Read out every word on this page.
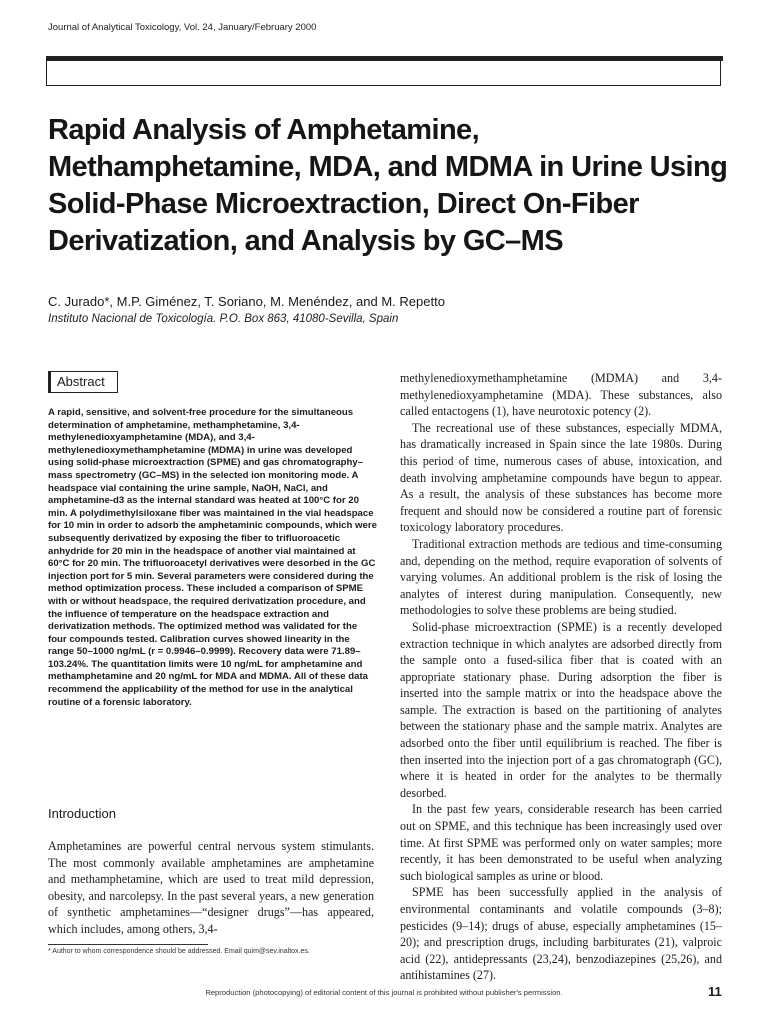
Journal of Analytical Toxicology, Vol. 24, January/February 2000
Rapid Analysis of Amphetamine, Methamphetamine, MDA, and MDMA in Urine Using Solid-Phase Microextraction, Direct On-Fiber Derivatization, and Analysis by GC–MS
C. Jurado*, M.P. Giménez, T. Soriano, M. Menéndez, and M. Repetto
Instituto Nacional de Toxicología. P.O. Box 863, 41080-Sevilla, Spain
Abstract

A rapid, sensitive, and solvent-free procedure for the simultaneous determination of amphetamine, methamphetamine, 3,4-methylenedioxyamphetamine (MDA), and 3,4-methylenedioxymethamphetamine (MDMA) in urine was developed using solid-phase microextraction (SPME) and gas chromatography–mass spectrometry (GC–MS) in the selected ion monitoring mode. A headspace vial containing the urine sample, NaOH, NaCl, and amphetamine-d3 as the internal standard was heated at 100°C for 20 min. A polydimethylsiloxane fiber was maintained in the vial headspace for 10 min in order to adsorb the amphetaminic compounds, which were subsequently derivatized by exposing the fiber to trifluoroacetic anhydride for 20 min in the headspace of another vial maintained at 60°C for 20 min. The trifluoroacetyl derivatives were desorbed in the GC injection port for 5 min. Several parameters were considered during the method optimization process. These included a comparison of SPME with or without headspace, the required derivatization procedure, and the influence of temperature on the headspace extraction and derivatization methods. The optimized method was validated for the four compounds tested. Calibration curves showed linearity in the range 50–1000 ng/mL (r = 0.9946–0.9999). Recovery data were 71.89–103.24%. The quantitation limits were 10 ng/mL for amphetamine and methamphetamine and 20 ng/mL for MDA and MDMA. All of these data recommend the applicability of the method for use in the analytical routine of a forensic laboratory.

Introduction

Amphetamines are powerful central nervous system stimulants. The most commonly available amphetamines are amphetamine and methamphetamine, which are used to treat mild depression, obesity, and narcolepsy. In the past several years, a new generation of synthetic amphetamines—“designer drugs”—has appeared, which includes, among others, 3,4-

* Author to whom correspondence should be addressed. Email quim@sev.inaltox.es.

methylenedioxymethamphetamine (MDMA) and 3,4-methylenedioxyamphetamine (MDA). These substances, also called entactogens (1), have neurotoxic potency (2).

The recreational use of these substances, especially MDMA, has dramatically increased in Spain since the late 1980s. During this period of time, numerous cases of abuse, intoxication, and death involving amphetamine compounds have begun to appear. As a result, the analysis of these substances has become more frequent and should now be considered a routine part of forensic toxicology laboratory procedures.

Traditional extraction methods are tedious and time-consuming and, depending on the method, require evaporation of solvents of varying volumes. An additional problem is the risk of losing the analytes of interest during manipulation. Consequently, new methodologies to solve these problems are being studied.

Solid-phase microextraction (SPME) is a recently developed extraction technique in which analytes are adsorbed directly from the sample onto a fused-silica fiber that is coated with an appropriate stationary phase. During adsorption the fiber is inserted into the sample matrix or into the headspace above the sample. The extraction is based on the partitioning of analytes between the stationary phase and the sample matrix. Analytes are adsorbed onto the fiber until equilibrium is reached. The fiber is then inserted into the injection port of a gas chromatograph (GC), where it is heated in order for the analytes to be thermally desorbed.

In the past few years, considerable research has been carried out on SPME, and this technique has been increasingly used over time. At first SPME was performed only on water samples; more recently, it has been demonstrated to be useful when analyzing such biological samples as urine or blood.

SPME has been successfully applied in the analysis of environmental contaminants and volatile compounds (3–8); pesticides (9–14); drugs of abuse, especially amphetamines (15–20); and prescription drugs, including barbiturates (21), valproic acid (22), antidepressants (23,24), benzodiazepines (25,26), and antihistamines (27).

Reproduction (photocopying) of editorial content of this journal is prohibited without publisher's permission.	11
